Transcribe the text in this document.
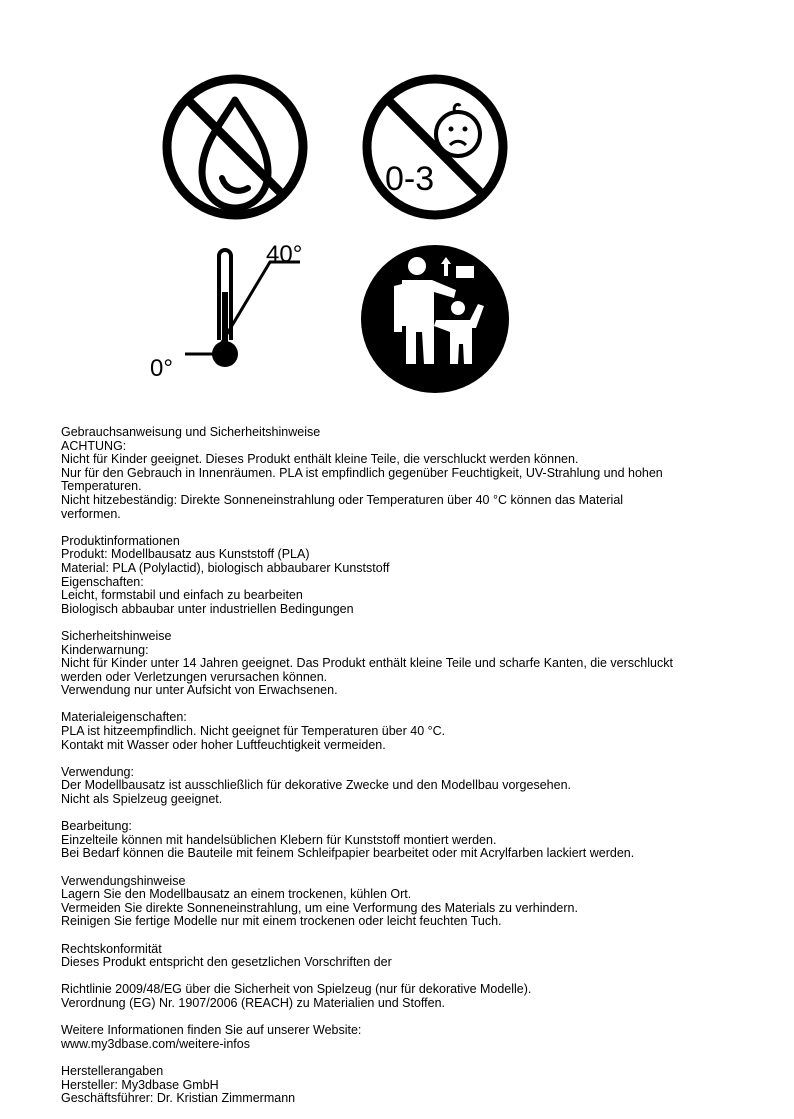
0-3
40°
0°
Gebrauchsanweisung und Sicherheitshinweise
ACHTUNG:
Nicht für Kinder geeignet. Dieses Produkt enthält kleine Teile, die verschluckt werden können.
Nur für den Gebrauch in Innenräumen. PLA ist empfindlich gegenüber Feuchtigkeit, UV-Strahlung und hohen
Temperaturen.
Nicht hitzebeständig: Direkte Sonneneinstrahlung oder Temperaturen über 40 °C können das Material
verformen.
Produktinformationen
Produkt: Modellbausatz aus Kunststoff (PLA)
Material: PLA (Polylactid), biologisch abbaubarer Kunststoff
Eigenschaften:
Leicht, formstabil und einfach zu bearbeiten
Biologisch abbaubar unter industriellen Bedingungen
Sicherheitshinweise
Kinderwarnung:
Nicht für Kinder unter 14 Jahren geeignet. Das Produkt enthält kleine Teile und scharfe Kanten, die verschluckt
werden oder Verletzungen verursachen können.
Verwendung nur unter Aufsicht von Erwachsenen.
Materialeigenschaften:
PLA ist hitzeempfindlich. Nicht geeignet für Temperaturen über 40 °C.
Kontakt mit Wasser oder hoher Luftfeuchtigkeit vermeiden.
Verwendung:
Der Modellbausatz ist ausschließlich für dekorative Zwecke und den Modellbau vorgesehen.
Nicht als Spielzeug geeignet.
Bearbeitung:
Einzelteile können mit handelsüblichen Klebern für Kunststoff montiert werden.
Bei Bedarf können die Bauteile mit feinem Schleifpapier bearbeitet oder mit Acrylfarben lackiert werden.
Verwendungshinweise
Lagern Sie den Modellbausatz an einem trockenen, kühlen Ort.
Vermeiden Sie direkte Sonneneinstrahlung, um eine Verformung des Materials zu verhindern.
Reinigen Sie fertige Modelle nur mit einem trockenen oder leicht feuchten Tuch.
Rechtskonformität
Dieses Produkt entspricht den gesetzlichen Vorschriften der
Richtlinie 2009/48/EG über die Sicherheit von Spielzeug (nur für dekorative Modelle).
Verordnung (EG) Nr. 1907/2006 (REACH) zu Materialien und Stoffen.
Weitere Informationen finden Sie auf unserer Website:
www.my3dbase.com/weitere-infos
Herstellerangaben
Hersteller: My3dbase GmbH
Geschäftsführer: Dr. Kristian Zimmermann
